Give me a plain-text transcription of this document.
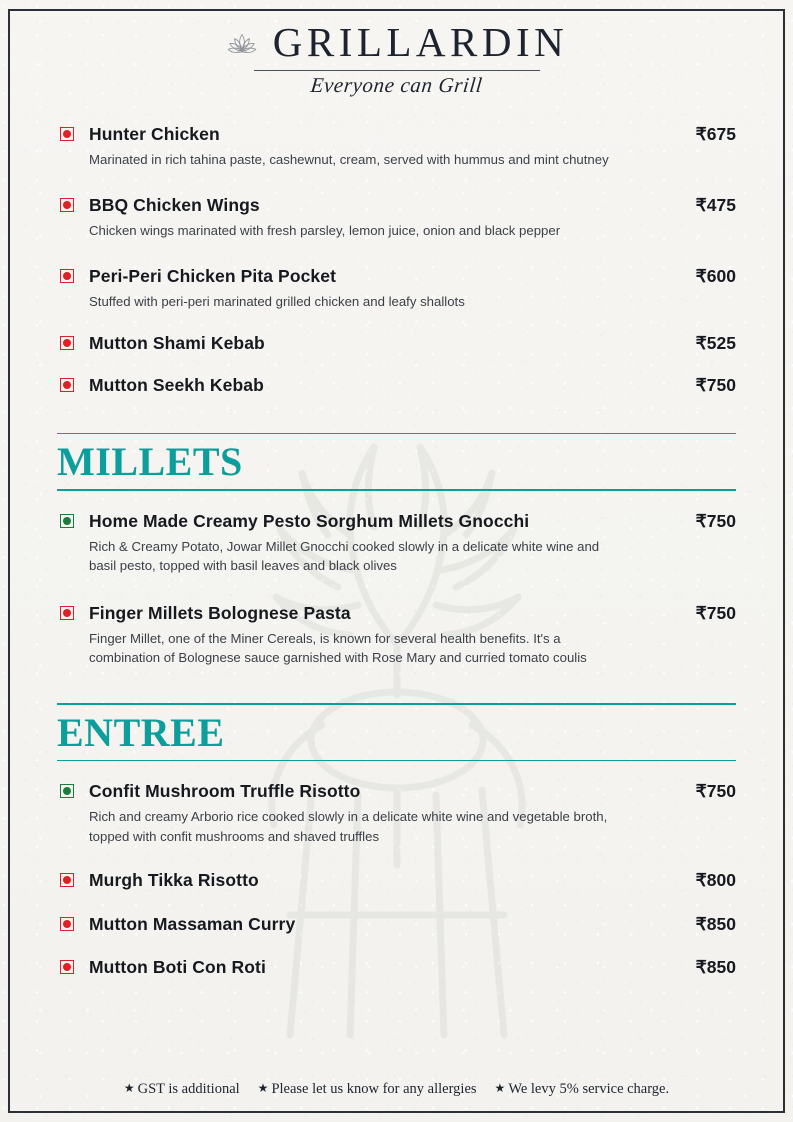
GRILLARDIN
Everyone can Grill
Hunter Chicken	₹675
Marinated in rich tahina paste, cashewnut, cream, served with hummus and mint chutney
BBQ Chicken Wings	₹475
Chicken wings marinated with fresh parsley, lemon juice, onion and black pepper
Peri-Peri Chicken Pita Pocket	₹600
Stuffed with peri-peri marinated grilled chicken and leafy shallots
Mutton Shami Kebab	₹525
Mutton Seekh Kebab	₹750
MILLETS
Home Made Creamy Pesto Sorghum Millets Gnocchi	₹750
Rich & Creamy Potato, Jowar Millet Gnocchi cooked slowly in a delicate white wine and basil pesto, topped with basil leaves and black olives
Finger Millets Bolognese Pasta	₹750
Finger Millet, one of the Miner Cereals, is known for several health benefits. It's a combination of Bolognese sauce garnished with Rose Mary and curried tomato coulis
ENTREE
Confit Mushroom Truffle Risotto	₹750
Rich and creamy Arborio rice cooked slowly in a delicate white wine and vegetable broth, topped with confit mushrooms and shaved truffles
Murgh Tikka Risotto	₹800
Mutton Massaman Curry	₹850
Mutton Boti Con Roti	₹850
★ GST is additional ★ Please let us know for any allergies ★ We levy 5% service charge.
